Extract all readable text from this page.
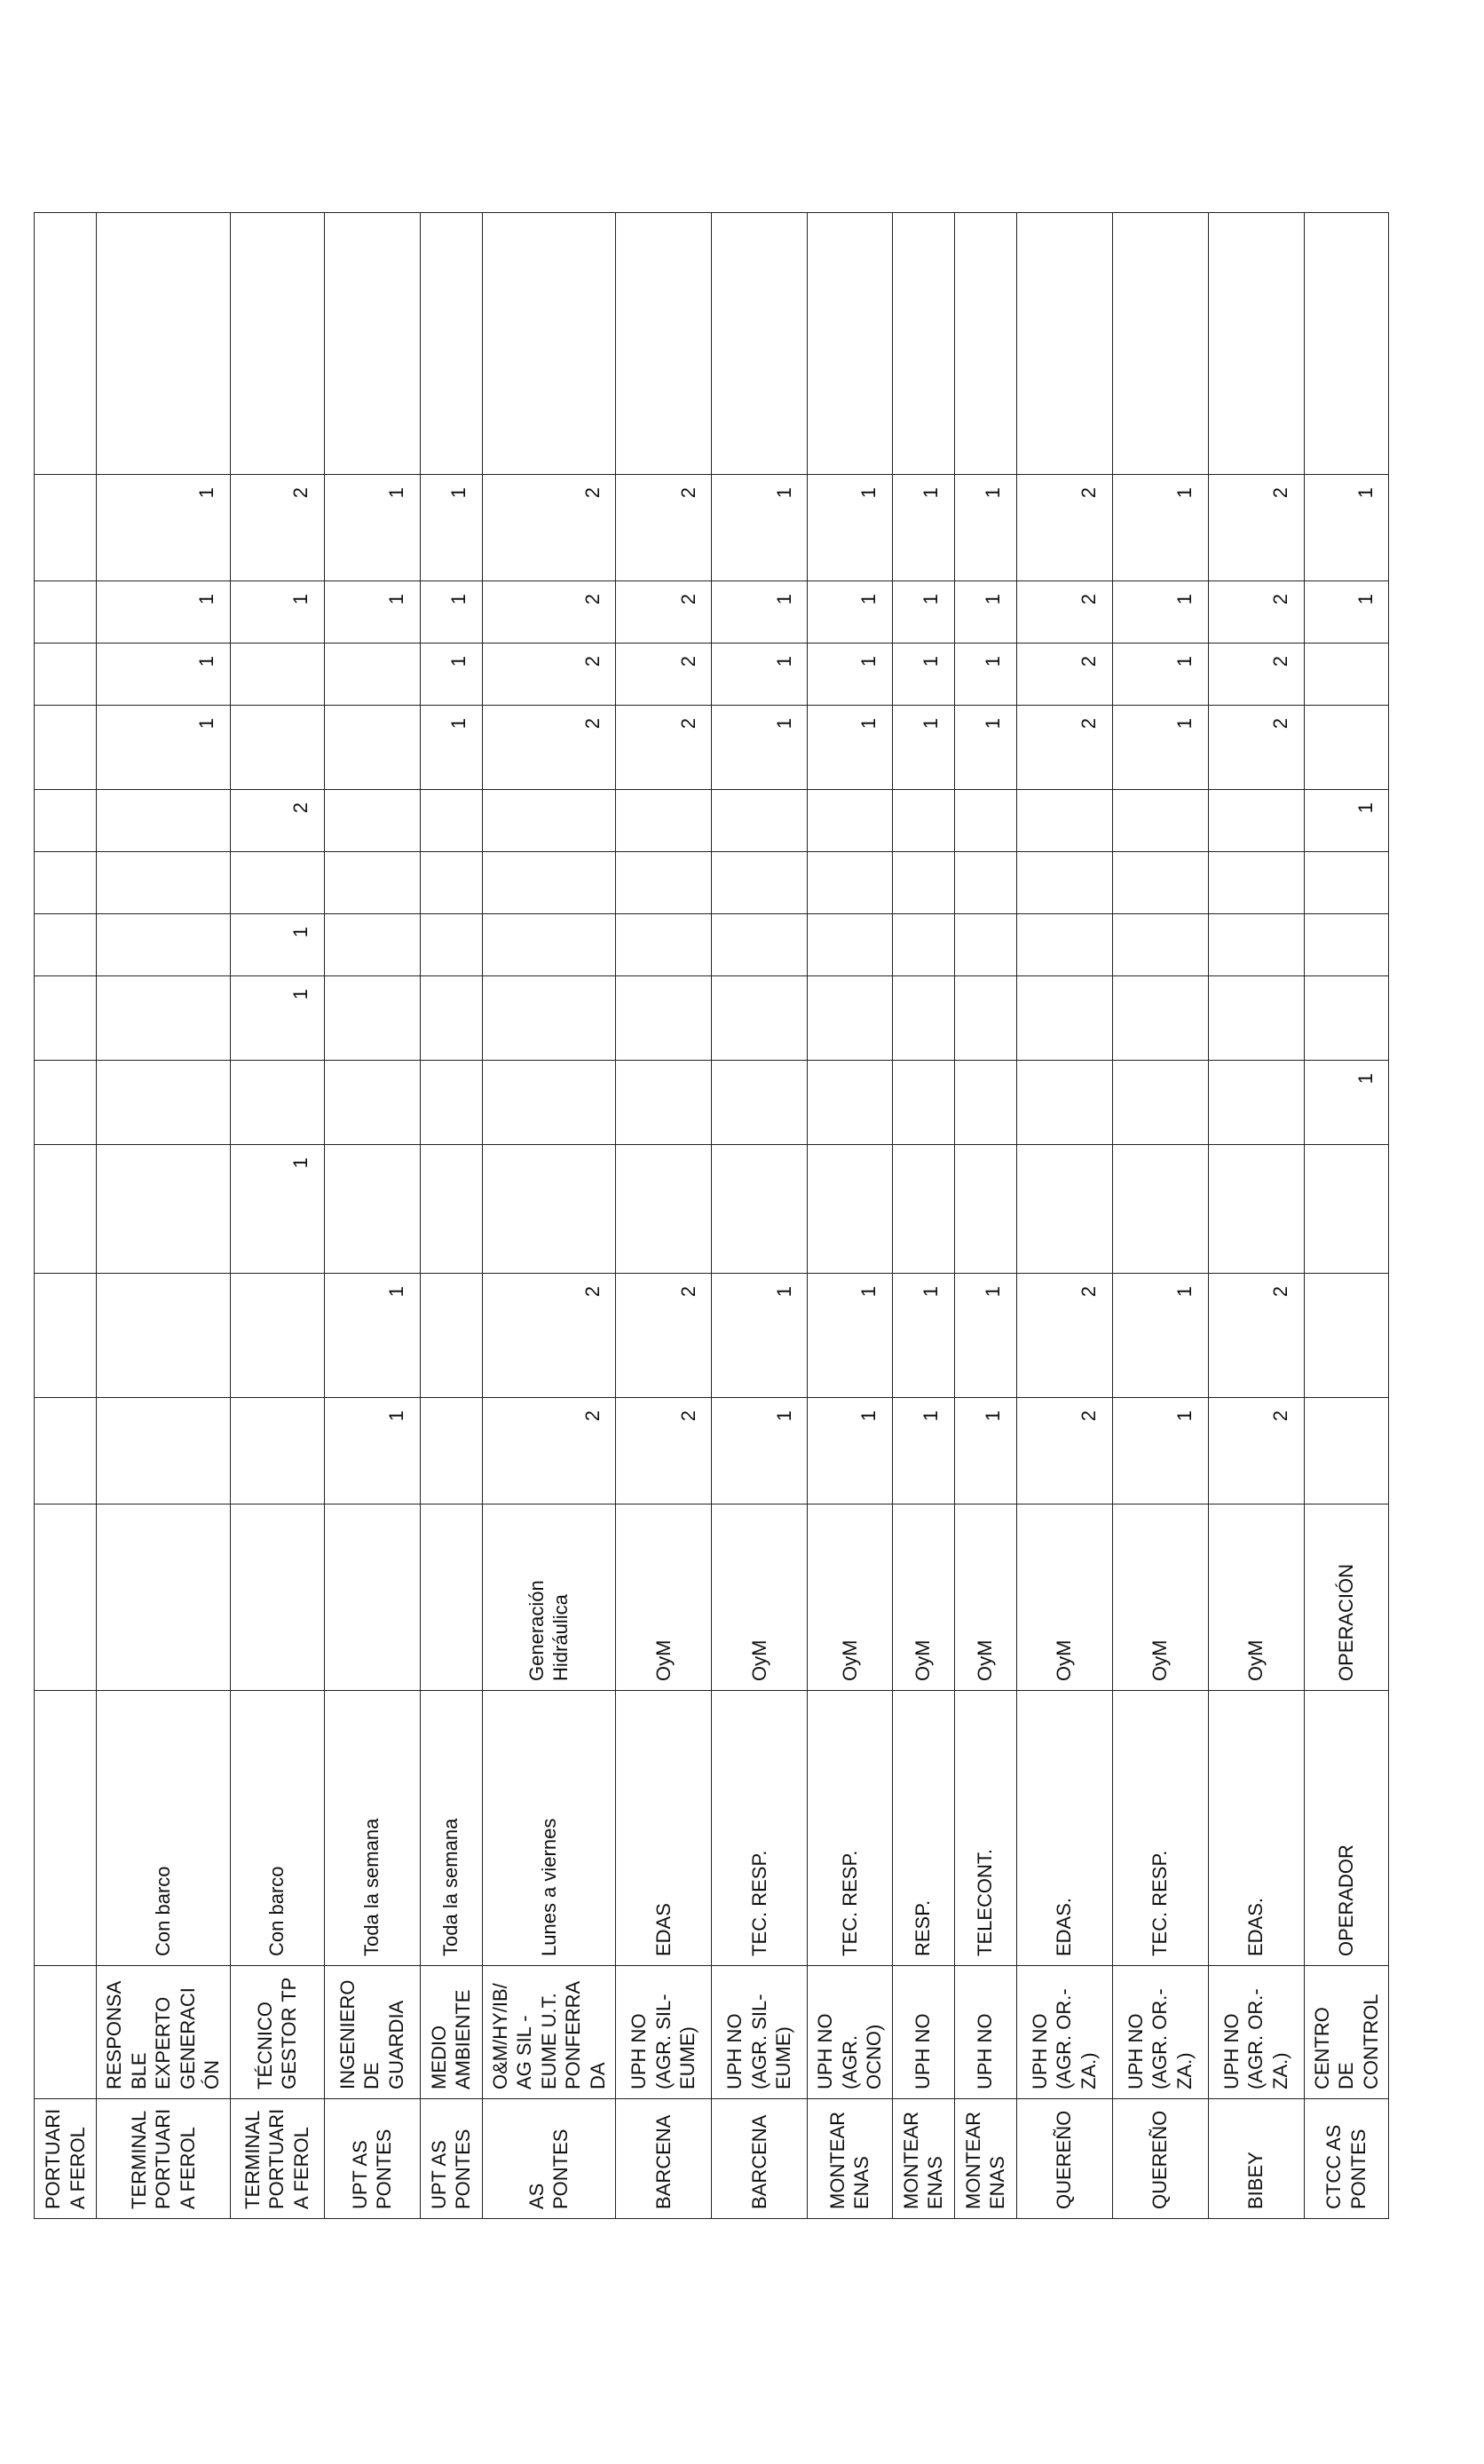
PORTUARIA FEROL																
TERMINAL PORTUARIA FEROL	RESPONSABLE EXPERTO GENERACIÓN	Con barco										1	1	1	1	
TERMINAL PORTUARIA FEROL	TÉCNICO GESTOR TP	Con barco				1		1	1		2			1	2	
UPT AS PONTES	INGENIERO DE GUARDIA	Toda la semana		1	1									1	1	
UPT AS PONTES	MEDIO AMBIENTE	Toda la semana										1	1	1	1	
AS PONTES	O&M/HY/IB/AG SIL - EUME U.T. PONFERRADA	Lunes a viernes	Generación Hidráulica	2	2							2	2	2	2	
BARCENA	UPH NO (AGR. SIL-EUME)	EDAS	OyM	2	2							2	2	2	2	
BARCENA	UPH NO (AGR. SIL-EUME)	TEC. RESP.	OyM	1	1							1	1	1	1	
MONTEARENAS	UPH NO (AGR. OCNO)	TEC. RESP.	OyM	1	1							1	1	1	1	
MONTEARENAS	UPH NO	RESP.	OyM	1	1							1	1	1	1	
MONTEARENAS	UPH NO	TELECONT.	OyM	1	1							1	1	1	1	
QUEREÑO	UPH NO (AGR. OR.-ZA.)	EDAS.	OyM	2	2							2	2	2	2	
QUEREÑO	UPH NO (AGR. OR.-ZA.)	TEC. RESP.	OyM	1	1							1	1	1	1	
BIBEY	UPH NO (AGR. OR.-ZA.)	EDAS.	OyM	2	2							2	2	2	2	
CTCC AS PONTES	CENTRO DE CONTROL	OPERADOR	OPERACIÓN				1				1			1	1	
